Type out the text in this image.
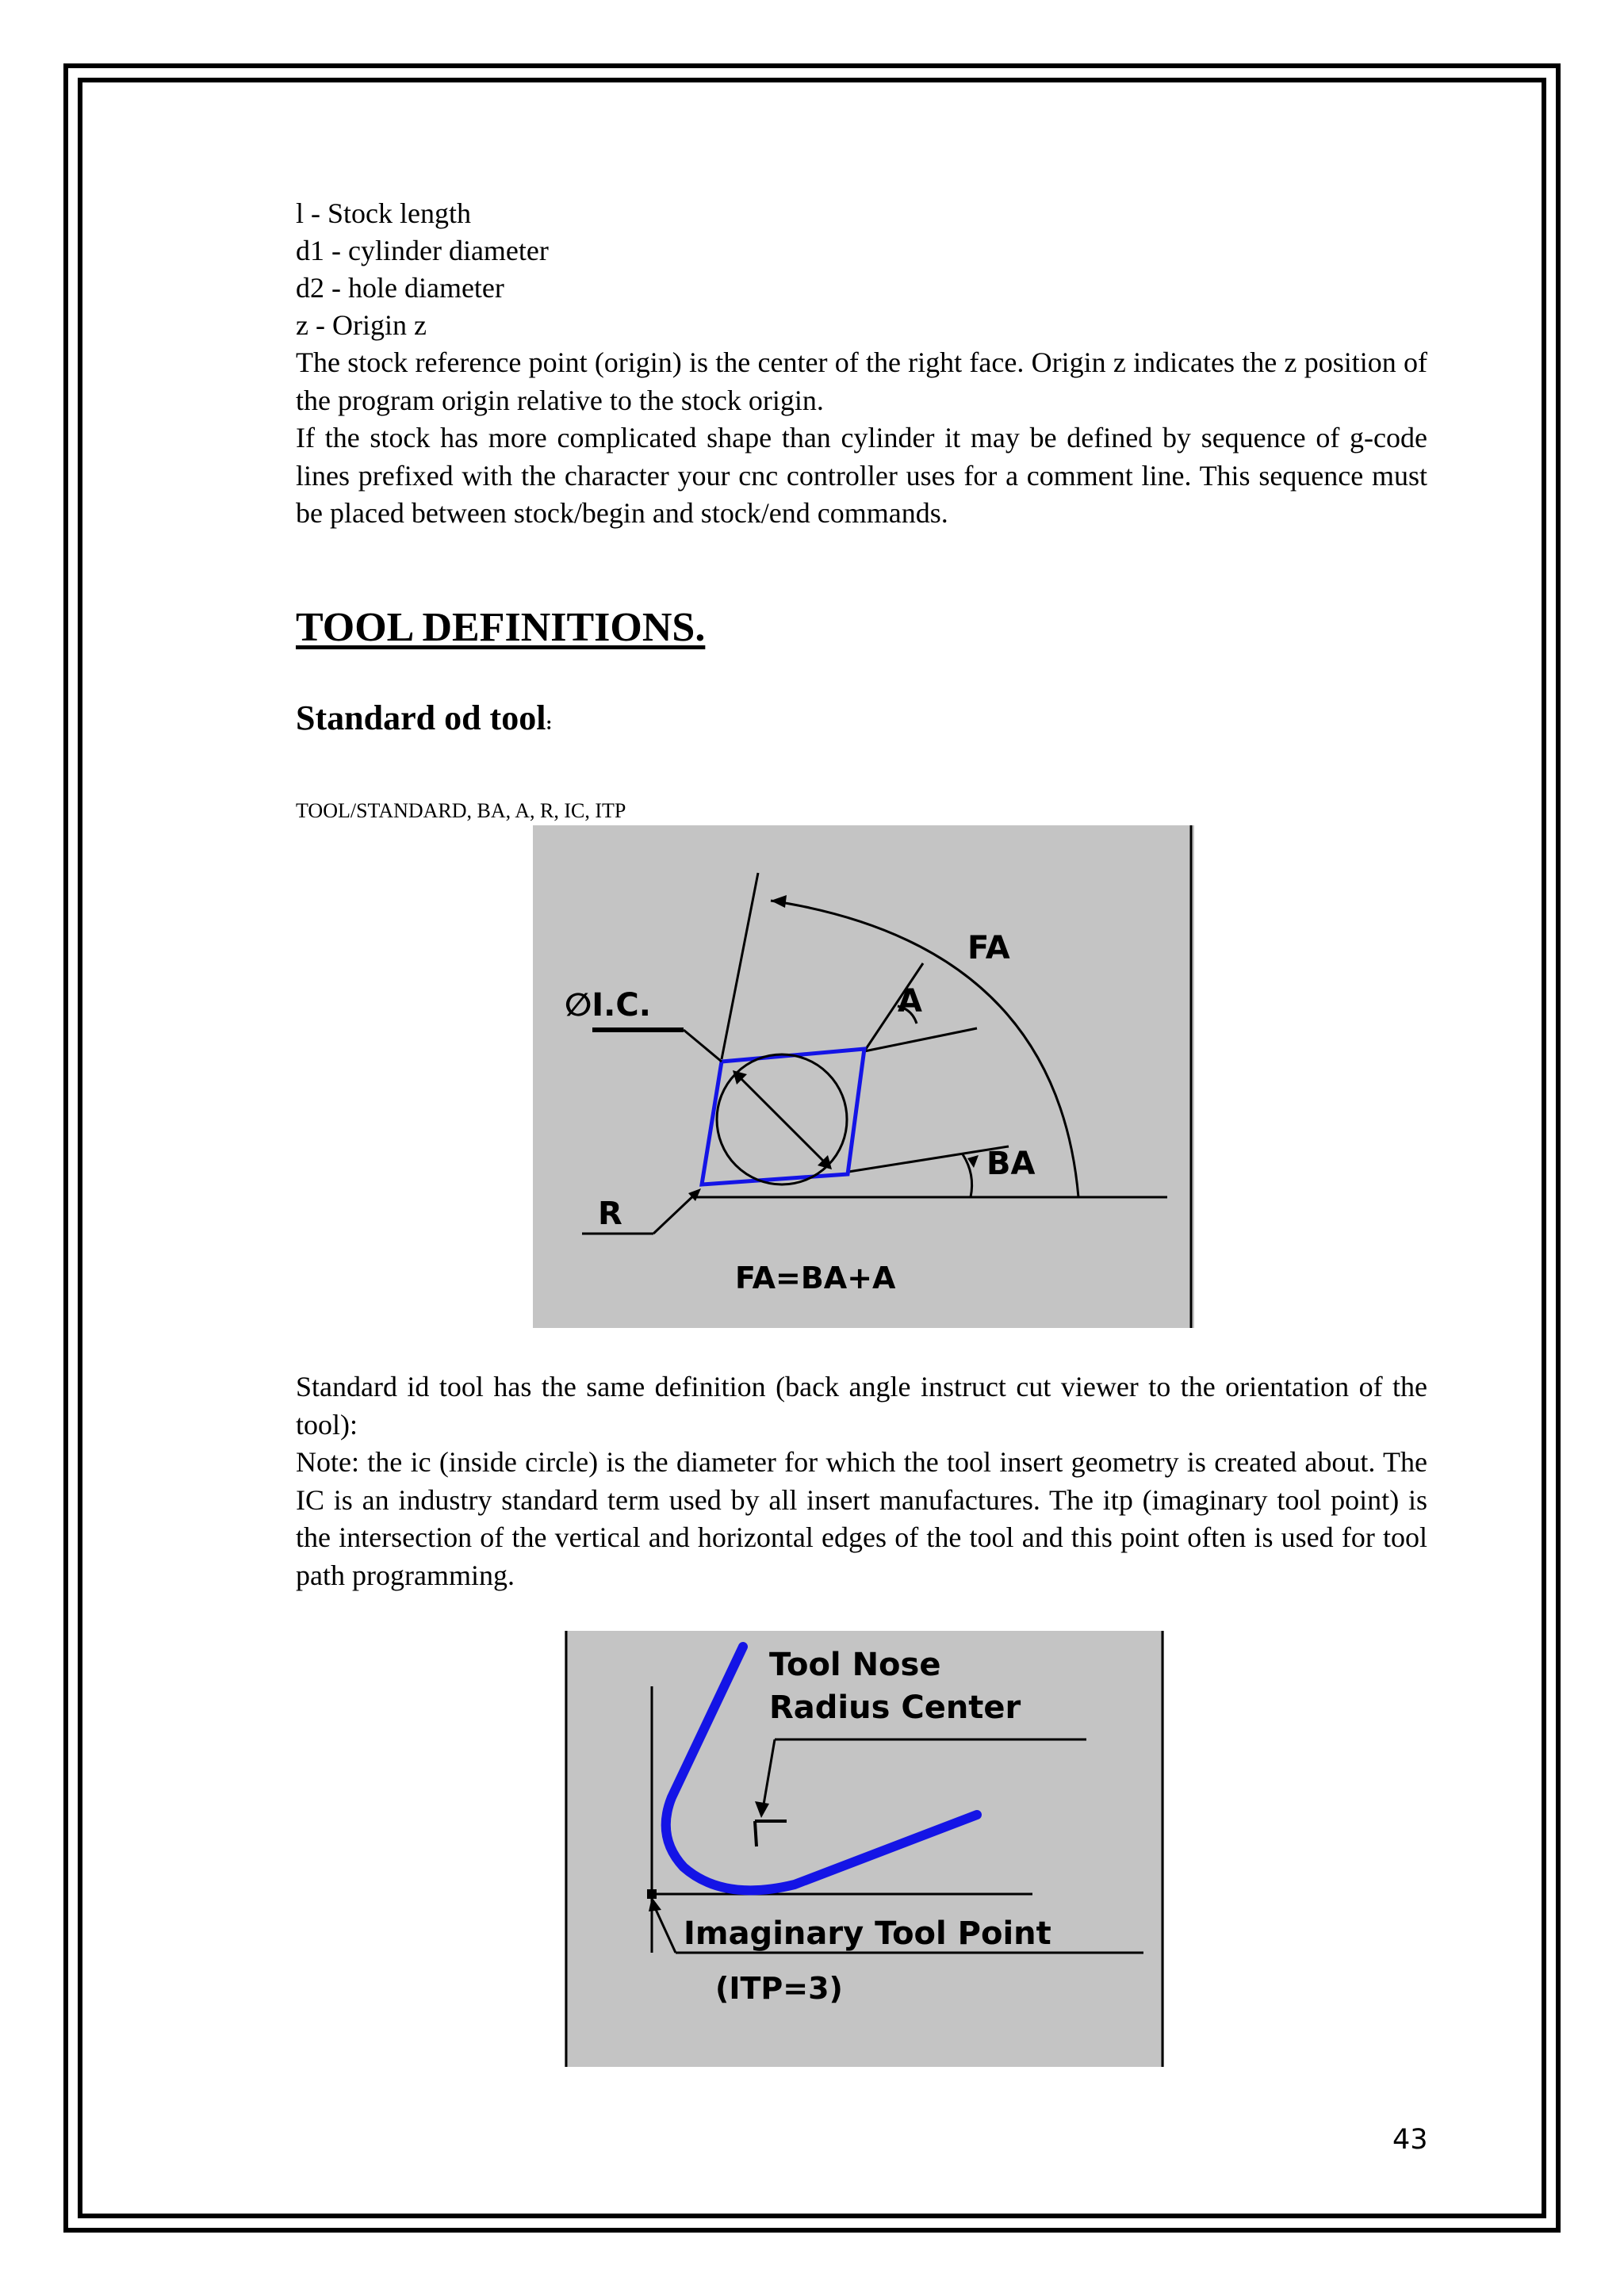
l - Stock length
d1 - cylinder diameter
d2 - hole diameter
z - Origin z

The stock reference point (origin) is the center of the right face. Origin z indicates the z position of the program origin relative to the stock origin.

If the stock has more complicated shape than cylinder it may be defined by sequence of g-code lines prefixed with the character your cnc controller uses for a comment line. This sequence must be placed between stock/begin and stock/end commands.

TOOL DEFINITIONS.
Standard od tool:
TOOL/STANDARD, BA, A, R, IC, ITP
FA
∅I.C.	A
BA
R
FA=BA+A

Standard id tool has the same definition (back angle instruct cut viewer to the orientation of the tool):

Note: the ic (inside circle) is the diameter for which the tool insert geometry is created about. The IC is an industry standard term used by all insert manufactures. The itp (imaginary tool point) is the intersection of the vertical and horizontal edges of the tool and this point often is used for tool path programming.

Tool Nose
Radius Center
Imaginary Tool Point
(ITP=3)
43
